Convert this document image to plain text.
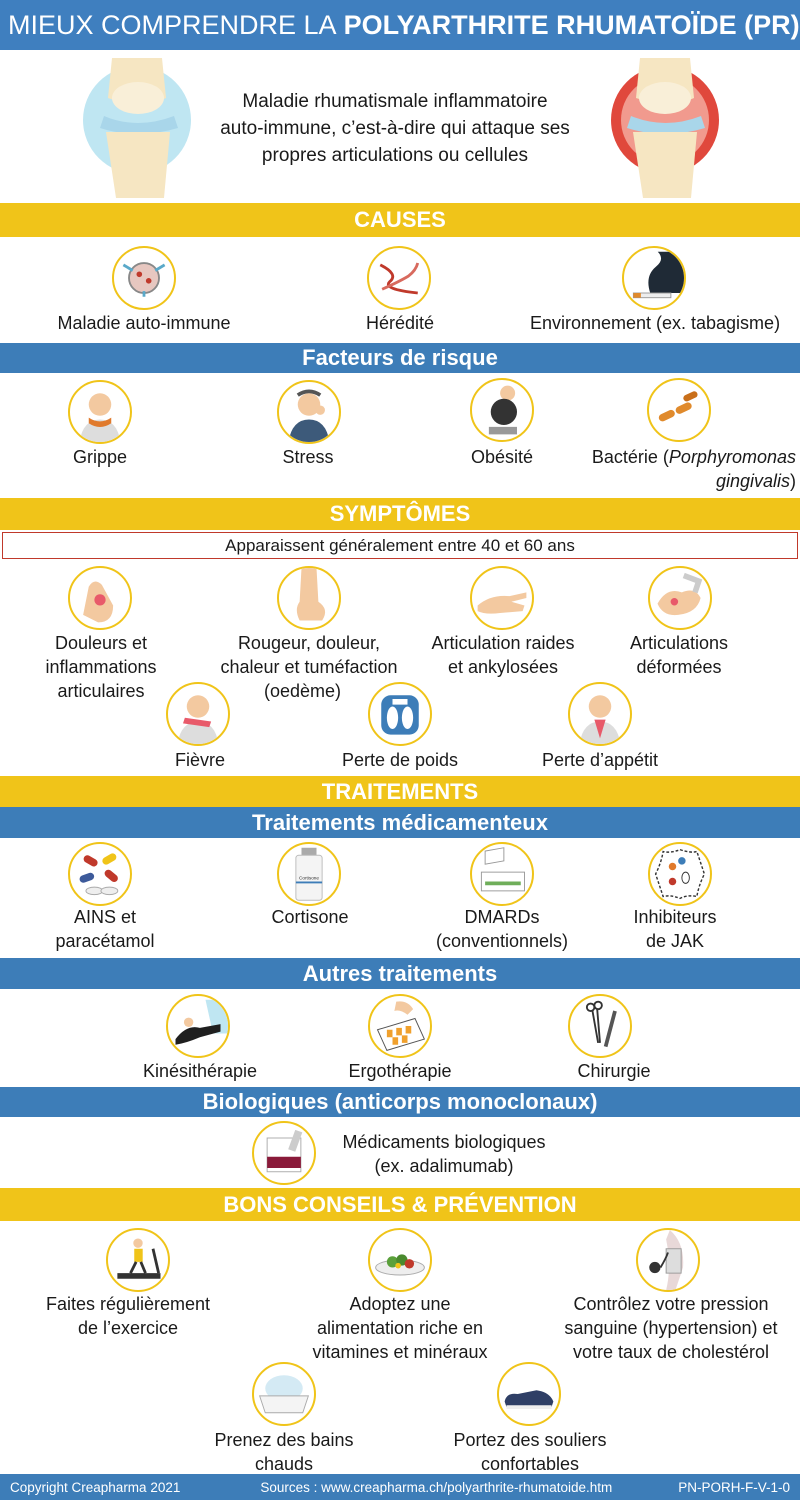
MIEUX COMPRENDRE LA POLYARTHRITE RHUMATOÏDE (PR)
Maladie rhumatismale inflammatoire
auto-immune, c’est-à-dire qui attaque ses
propres articulations ou cellules
CAUSES
Maladie auto-immune	Hérédité	Environnement (ex. tabagisme)
Facteurs de risque
Grippe	Stress	Obésité	Bactérie (Porphyromonas
gingivalis)
SYMPTÔMES
Apparaissent généralement entre 40 et 60 ans
Douleurs et
inflammations
articulaires
Rougeur, douleur,
chaleur et tuméfaction
(oedème)
Articulation raides
et ankylosées
Articulations
déformées
Fièvre	Perte de poids	Perte d’appétit
TRAITEMENTS
Traitements médicamenteux
Cortisone
AINS et
paracétamol
Cortisone	DMARDs
(conventionnels)
Inhibiteurs
de JAK
Autres traitements
Kinésithérapie	Ergothérapie	Chirurgie
Biologiques (anticorps monoclonaux)
Médicaments biologiques
(ex. adalimumab)
BONS CONSEILS & PRÉVENTION
Faites régulièrement
de l’exercice
Adoptez une
alimentation riche en
vitamines et minéraux
Contrôlez votre pression
sanguine (hypertension) et
votre taux de cholestérol
Prenez des bains
chauds
Portez des souliers
confortables
Copyright Creapharma 2021	Sources : www.creapharma.ch/polyarthrite-rhumatoide.htm	PN-PORH-F-V-1-0
